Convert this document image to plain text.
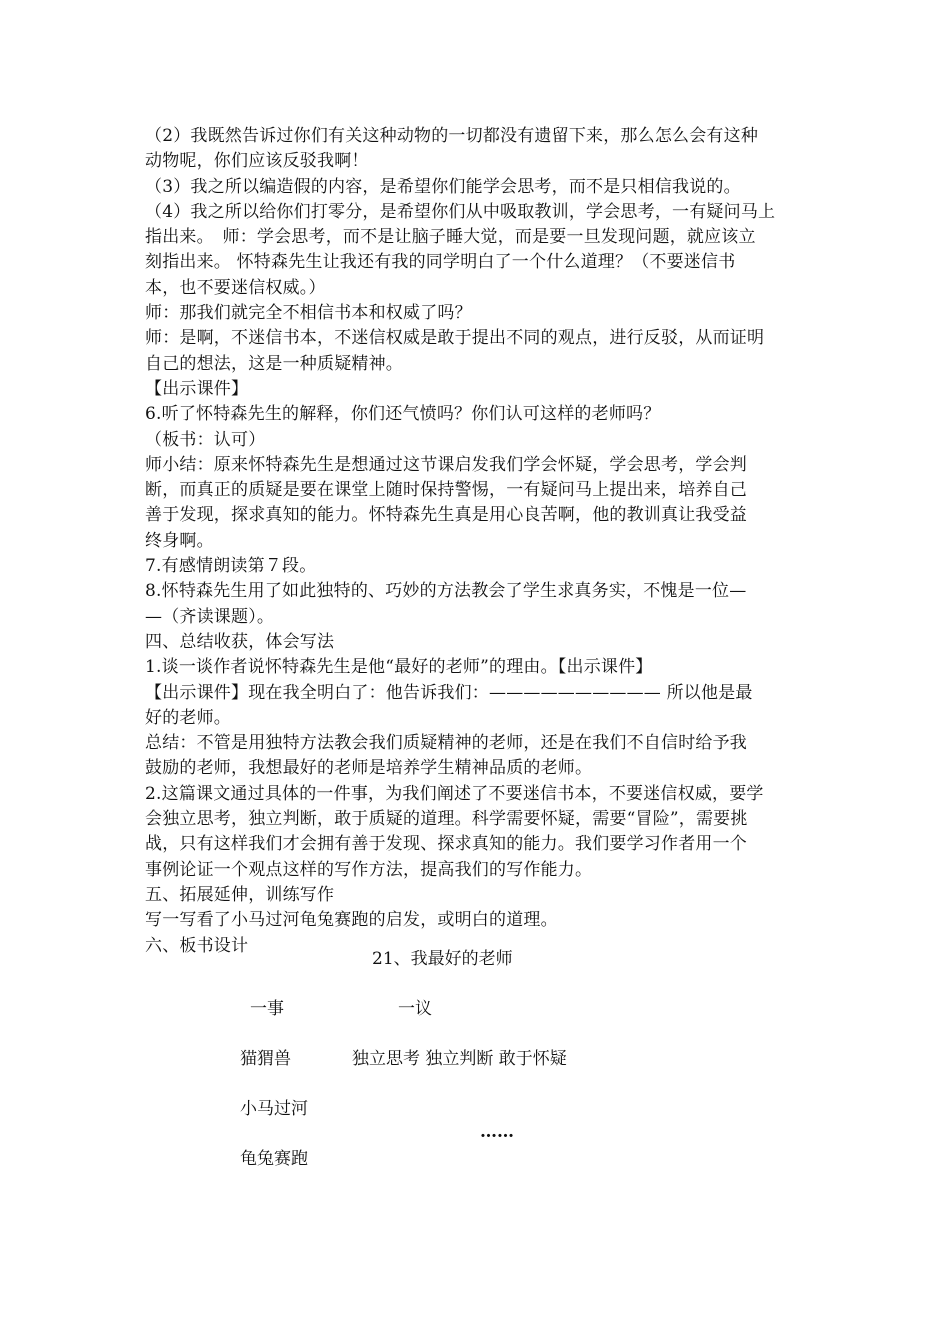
（2）我既然告诉过你们有关这种动物的一切都没有遗留下来，那么怎么会有这种
动物呢，你们应该反驳我啊！
（3）我之所以编造假的内容，是希望你们能学会思考，而不是只相信我说的。
（4）我之所以给你们打零分，是希望你们从中吸取教训，学会思考，一有疑问马上
指出来。　师：学会思考，而不是让脑子睡大觉，而是要一旦发现问题，就应该立
刻指出来。 怀特森先生让我还有我的同学明白了一个什么道理？（不要迷信书
本，也不要迷信权威。）
师：那我们就完全不相信书本和权威了吗？
师：是啊，不迷信书本，不迷信权威是敢于提出不同的观点，进行反驳，从而证明
自己的想法，这是一种质疑精神。
【出示课件】
6.听了怀特森先生的解释，你们还气愤吗？你们认可这样的老师吗？
（板书：认可）
师小结：原来怀特森先生是想通过这节课启发我们学会怀疑，学会思考，学会判
断，而真正的质疑是要在课堂上随时保持警惕，一有疑问马上提出来，培养自己
善于发现，探求真知的能力。怀特森先生真是用心良苦啊，他的教训真让我受益
终身啊。
7.有感情朗读第７段。
8.怀特森先生用了如此独特的、巧妙的方法教会了学生求真务实，不愧是一位—
—（齐读课题）。
四、总结收获，体会写法
1.谈一谈作者说怀特森先生是他“最好的老师”的理由。【出示课件】
【出示课件】现在我全明白了：他告诉我们：—————————— 所以他是最
好的老师。
总结：不管是用独特方法教会我们质疑精神的老师，还是在我们不自信时给予我
鼓励的老师，我想最好的老师是培养学生精神品质的老师。
2.这篇课文通过具体的一件事，为我们阐述了不要迷信书本，不要迷信权威，要学
会独立思考，独立判断，敢于质疑的道理。科学需要怀疑，需要“冒险”，需要挑
战，只有这样我们才会拥有善于发现、探求真知的能力。我们要学习作者用一个
事例论证一个观点这样的写作方法，提高我们的写作能力。
五、拓展延伸，训练写作
写一写看了小马过河龟兔赛跑的启发，或明白的道理。
六、板书设计
21、我最好的老师
一事	一议
猫猬兽	独立思考 独立判断 敢于怀疑
小马过河
……
龟兔赛跑
